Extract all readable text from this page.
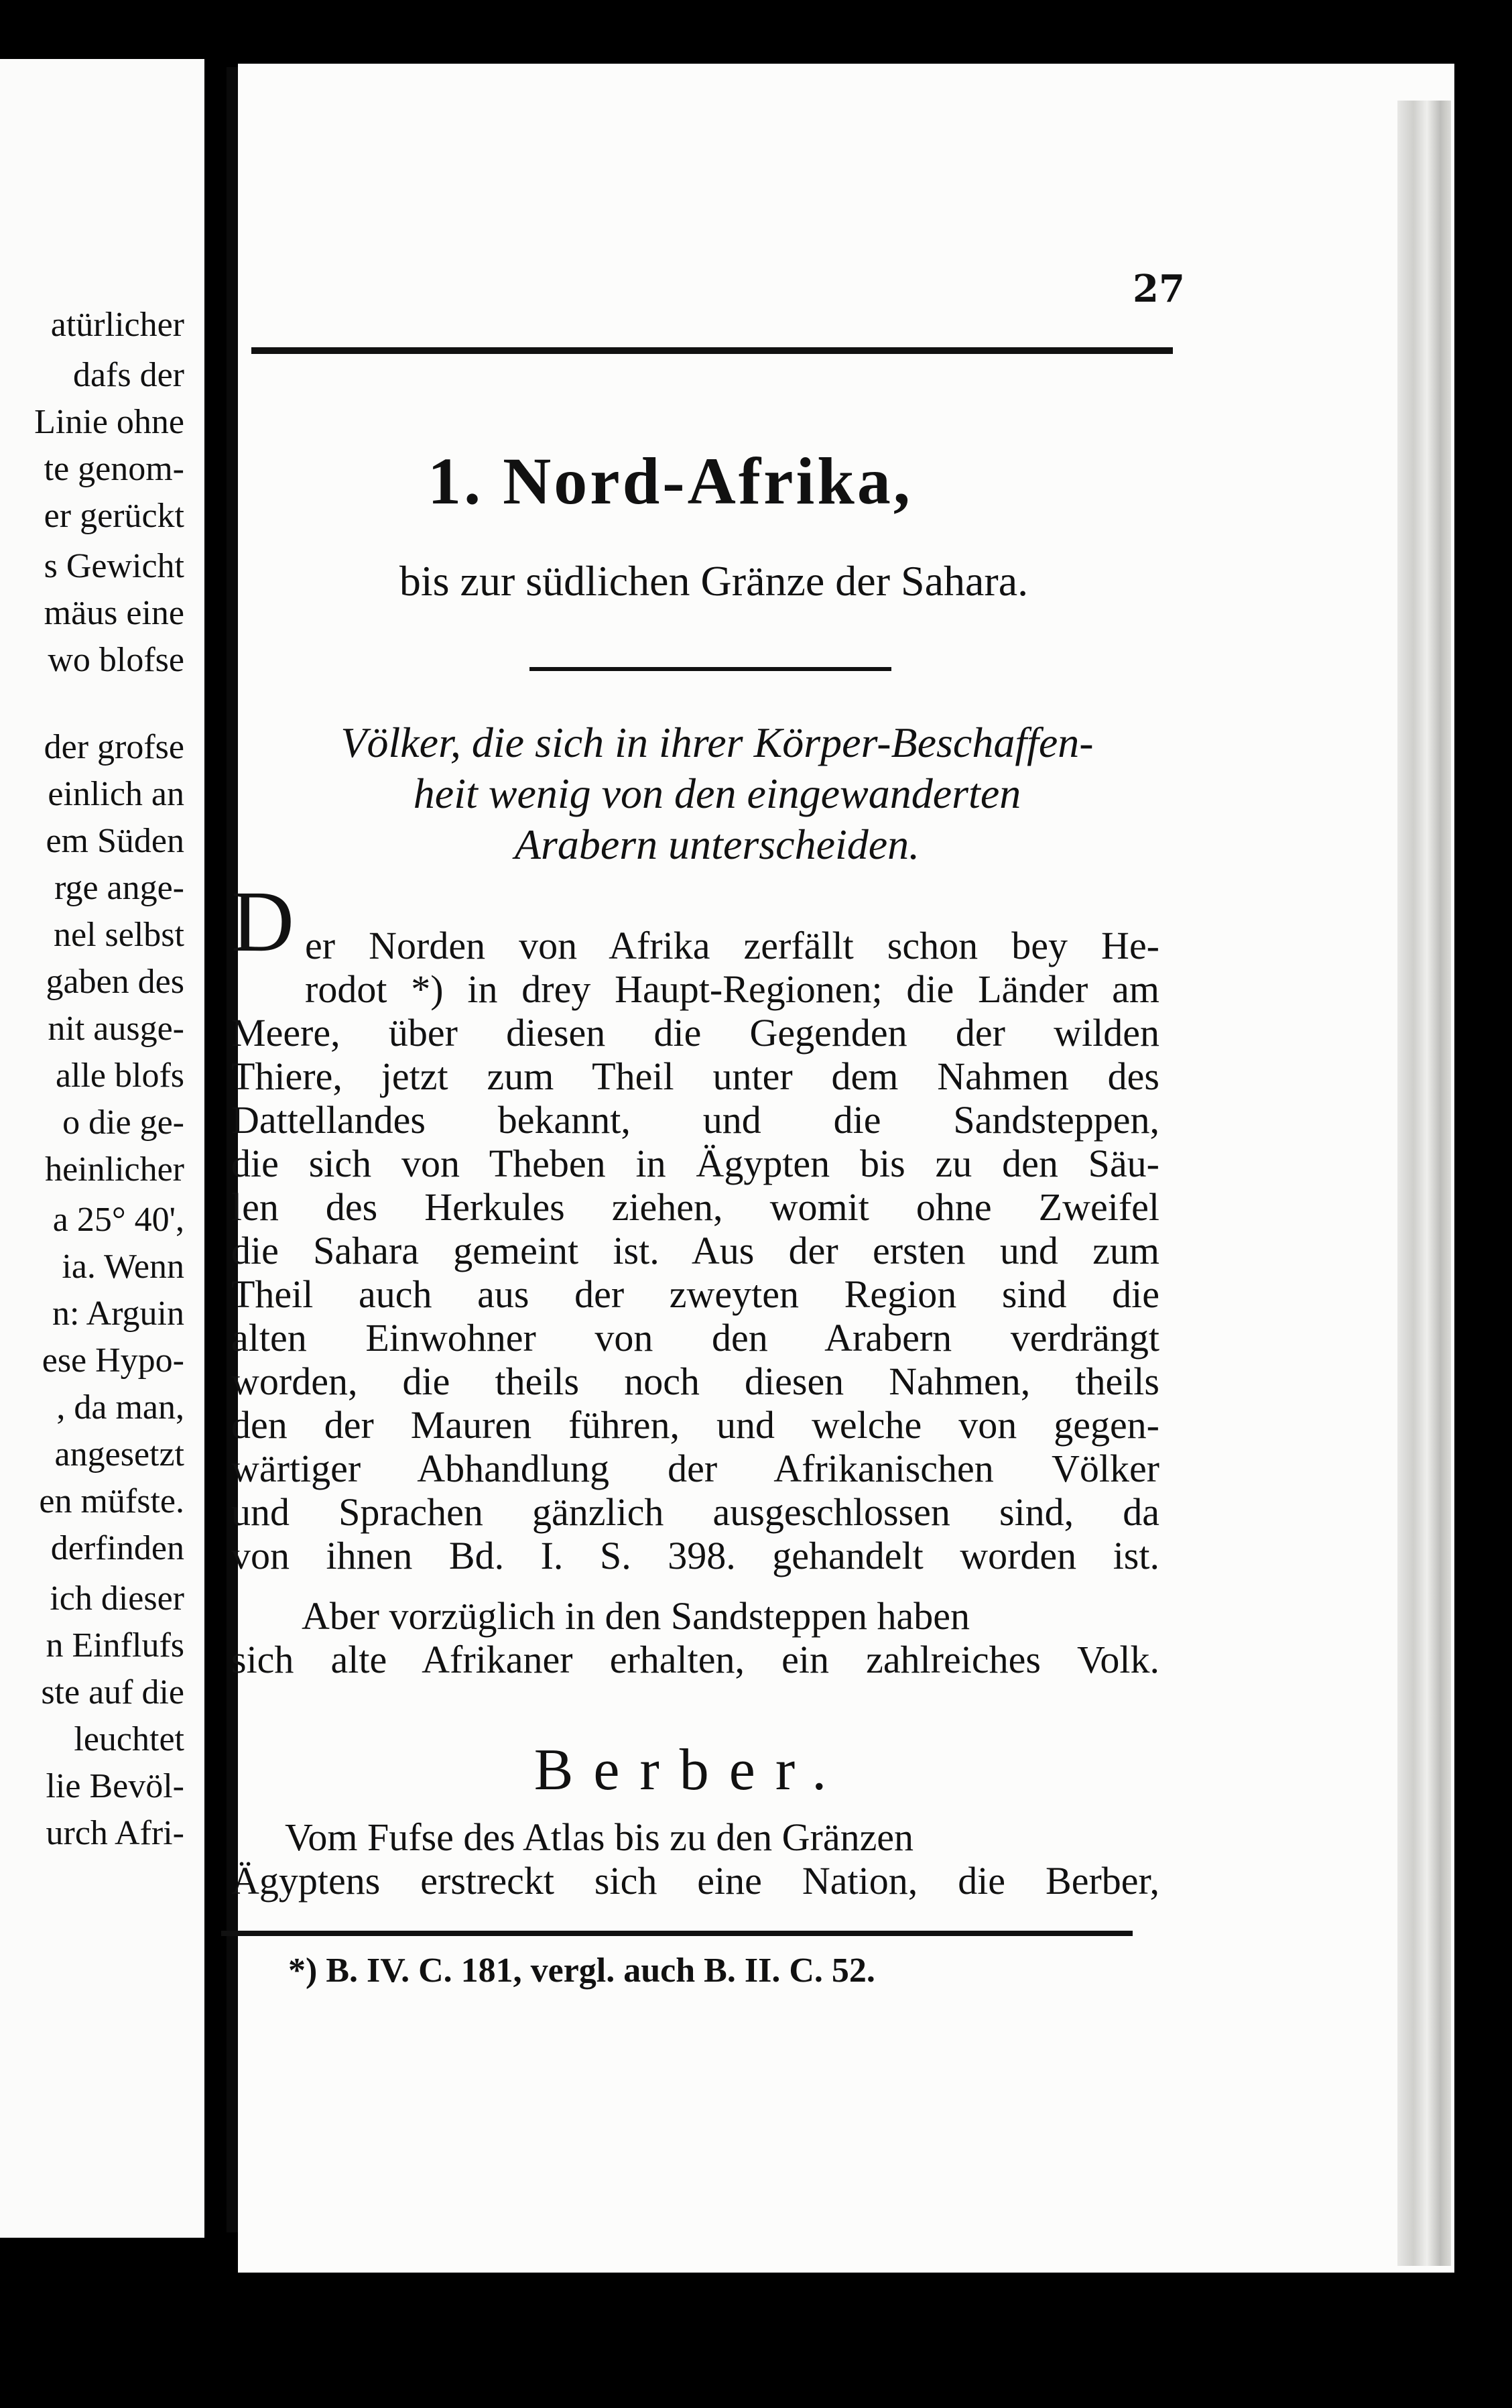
atürlicher
dafs der
Linie ohne
te genom-
er gerückt
s Gewicht
mäus eine
wo blofse
der grofse
einlich an
em Süden
rge ange-
nel selbst
gaben des
nit ausge-
alle blofs
o die ge-
heinlicher
a 25° 40',
ia. Wenn
n: Arguin
ese Hypo-
, da man,
angesetzt
en müfste.
derfinden
ich dieser
n Einflufs
ste auf die
leuchtet
lie Bevöl-
urch Afri-
27
1. Nord-Afrika,
bis zur südlichen Gränze der Sahara.
Völker, die sich in ihrer Körper-Beschaffen-
heit wenig von den eingewanderten
Arabern unterscheiden.
D er Norden von Afrika zerfällt schon bey He-
rodot *) in drey Haupt-Regionen; die Länder am
Meere, über diesen die Gegenden der wilden
Thiere, jetzt zum Theil unter dem Nahmen des
Dattellandes bekannt, und die Sandsteppen,
die sich von Theben in Ägypten bis zu den Säu-
len des Herkules ziehen, womit ohne Zweifel
die Sahara gemeint ist. Aus der ersten und zum
Theil auch aus der zweyten Region sind die
alten Einwohner von den Arabern verdrängt
worden, die theils noch diesen Nahmen, theils
den der Mauren führen, und welche von gegen-
wärtiger Abhandlung der Afrikanischen Völker
und Sprachen gänzlich ausgeschlossen sind, da
von ihnen Bd. I. S. 398. gehandelt worden ist.
Aber vorzüglich in den Sandsteppen haben
sich alte Afrikaner erhalten, ein zahlreiches Volk.
Berber.
Vom Fufse des Atlas bis zu den Gränzen
Ägyptens erstreckt sich eine Nation, die Berber,
*) B. IV. C. 181, vergl. auch B. II. C. 52.
